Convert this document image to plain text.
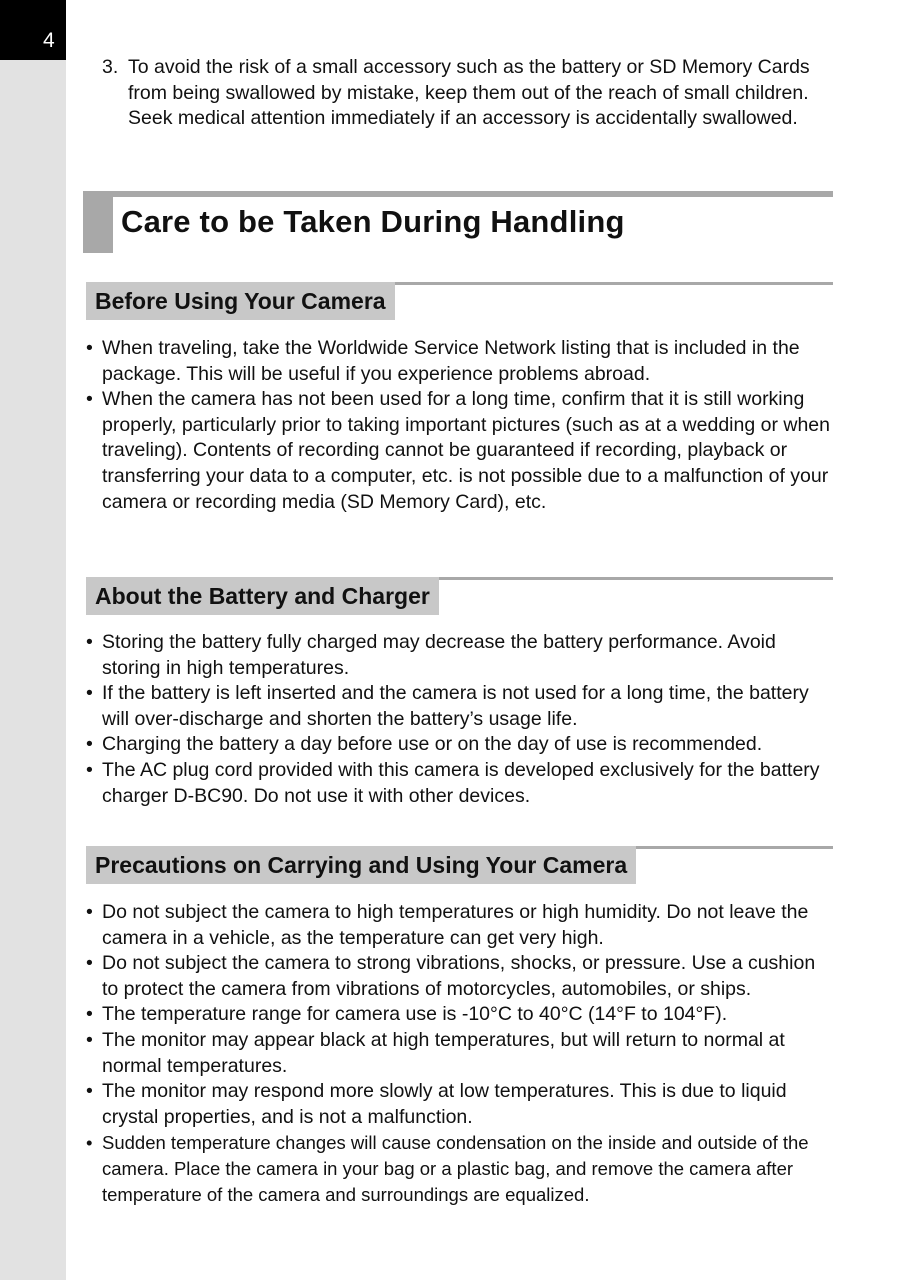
4
3. To avoid the risk of a small accessory such as the battery or SD Memory Cards from being swallowed by mistake, keep them out of the reach of small children. Seek medical attention immediately if an accessory is accidentally swallowed.
Care to be Taken During Handling
Before Using Your Camera
• When traveling, take the Worldwide Service Network listing that is included in the package. This will be useful if you experience problems abroad.
• When the camera has not been used for a long time, confirm that it is still working properly, particularly prior to taking important pictures (such as at a wedding or when traveling). Contents of recording cannot be guaranteed if recording, playback or transferring your data to a computer, etc. is not possible due to a malfunction of your camera or recording media (SD Memory Card), etc.
About the Battery and Charger
• Storing the battery fully charged may decrease the battery performance. Avoid storing in high temperatures.
• If the battery is left inserted and the camera is not used for a long time, the battery will over-discharge and shorten the battery’s usage life.
• Charging the battery a day before use or on the day of use is recommended.
• The AC plug cord provided with this camera is developed exclusively for the battery charger D-BC90. Do not use it with other devices.
Precautions on Carrying and Using Your Camera
• Do not subject the camera to high temperatures or high humidity. Do not leave the camera in a vehicle, as the temperature can get very high.
• Do not subject the camera to strong vibrations, shocks, or pressure. Use a cushion to protect the camera from vibrations of motorcycles, automobiles, or ships.
• The temperature range for camera use is -10°C to 40°C (14°F to 104°F).
• The monitor may appear black at high temperatures, but will return to normal at normal temperatures.
• The monitor may respond more slowly at low temperatures. This is due to liquid crystal properties, and is not a malfunction.
• Sudden temperature changes will cause condensation on the inside and outside of the camera. Place the camera in your bag or a plastic bag, and remove the camera after temperature of the camera and surroundings are equalized.
